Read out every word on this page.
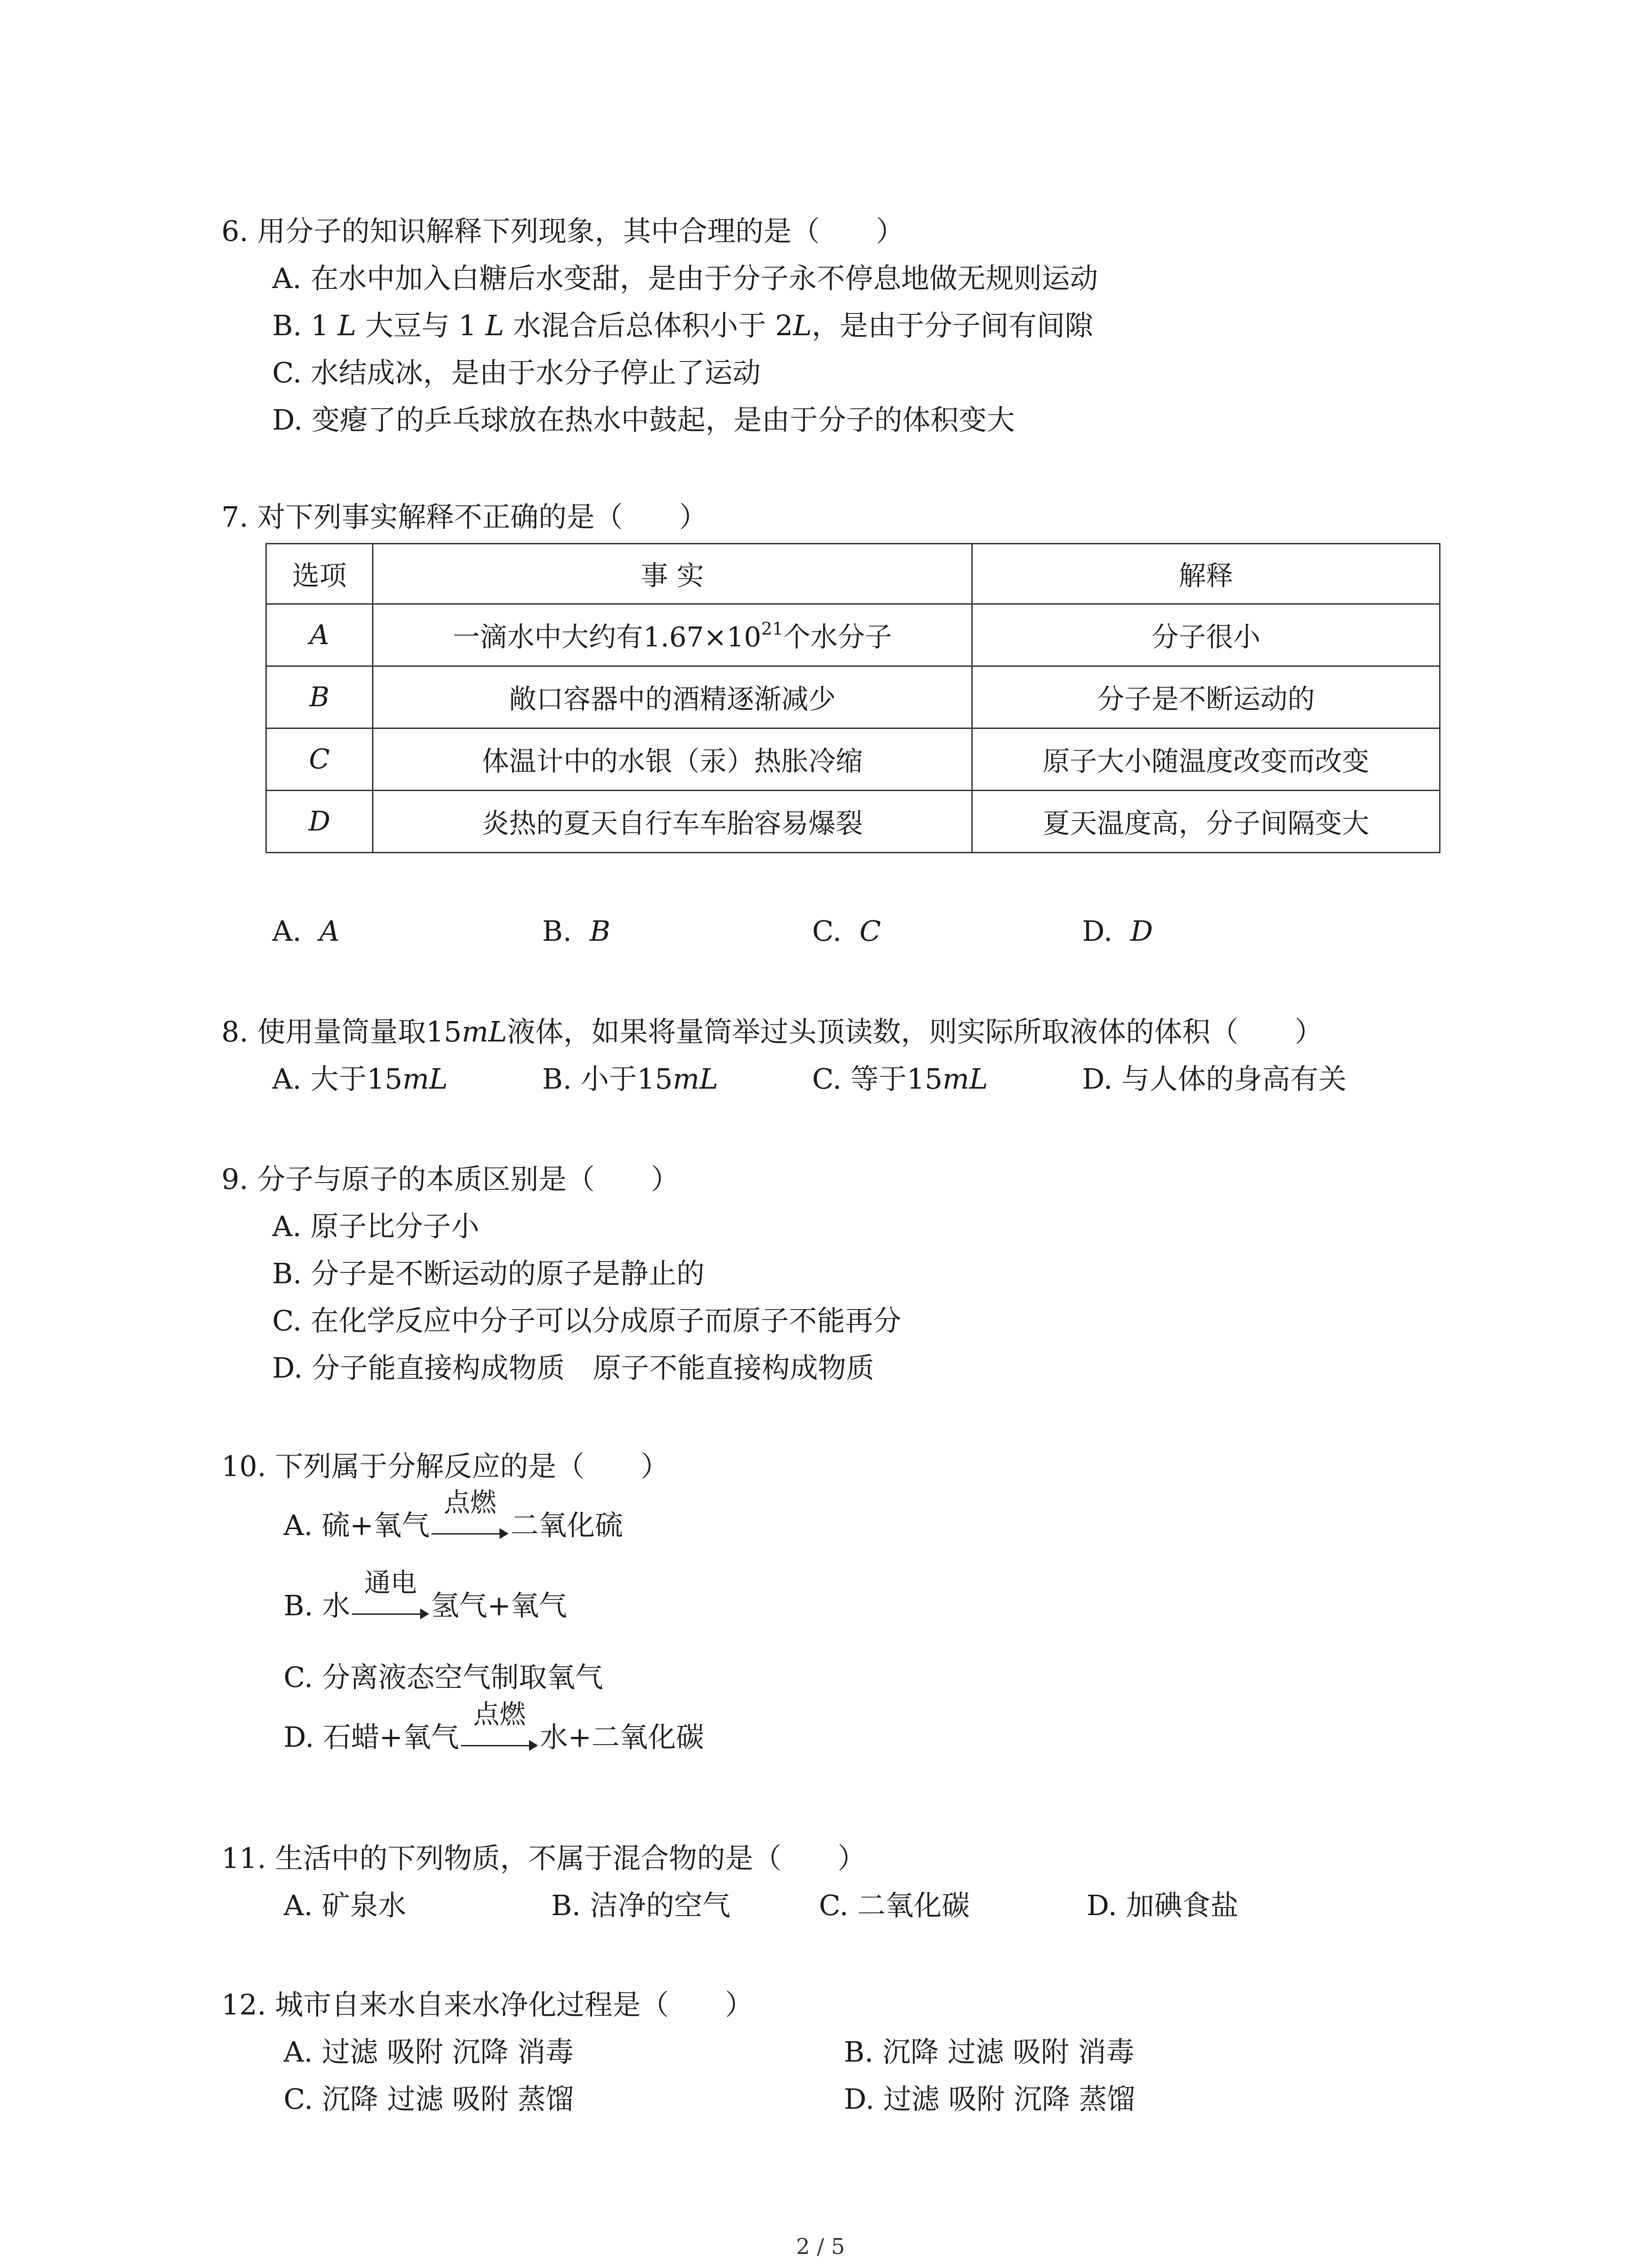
6. 用分子的知识解释下列现象，其中合理的是（　　）
A. 在水中加入白糖后水变甜，是由于分子永不停息地做无规则运动
B. 1 L 大豆与 1 L 水混合后总体积小于 2L，是由于分子间有间隙
C. 水结成冰，是由于水分子停止了运动
D. 变瘪了的乒乓球放在热水中鼓起，是由于分子的体积变大
7. 对下列事实解释不正确的是（　　）
选项	事 实	解释
A	一滴水中大约有$1.67\times 10^{21}$个水分子	分子很小
B	敞口容器中的酒精逐渐减少	分子是不断运动的
C	体温计中的水银（汞）热胀冷缩	原子大小随温度改变而改变
D	炎热的夏天自行车车胎容易爆裂	夏天温度高，分子间隔变大
A. A	B. B	C. C	D. D
8. 使用量筒量取15mL液体，如果将量筒举过头顶读数，则实际所取液体的体积（　　）
A. 大于15mL	B. 小于15mL	C. 等于15mL	D. 与人体的身高有关
9. 分子与原子的本质区别是（　　）
A. 原子比分子小
B. 分子是不断运动的原子是静止的
C. 在化学反应中分子可以分成原子而原子不能再分
D. 分子能直接构成物质　原子不能直接构成物质
10. 下列属于分解反应的是（　　）
A. 硫+氧气
点燃
二氧化硫
B. 水
通电
氢气+氧气
C. 分离液态空气制取氧气
D. 石蜡+氧气
点燃
水+二氧化碳
11. 生活中的下列物质，不属于混合物的是（　　）
A. 矿泉水	B. 洁净的空气	C. 二氧化碳	D. 加碘食盐
12. 城市自来水自来水净化过程是（　　）
A. 过滤 吸附 沉降 消毒	B. 沉降 过滤 吸附 消毒
C. 沉降 过滤 吸附 蒸馏	D. 过滤 吸附 沉降 蒸馏
2 / 5
